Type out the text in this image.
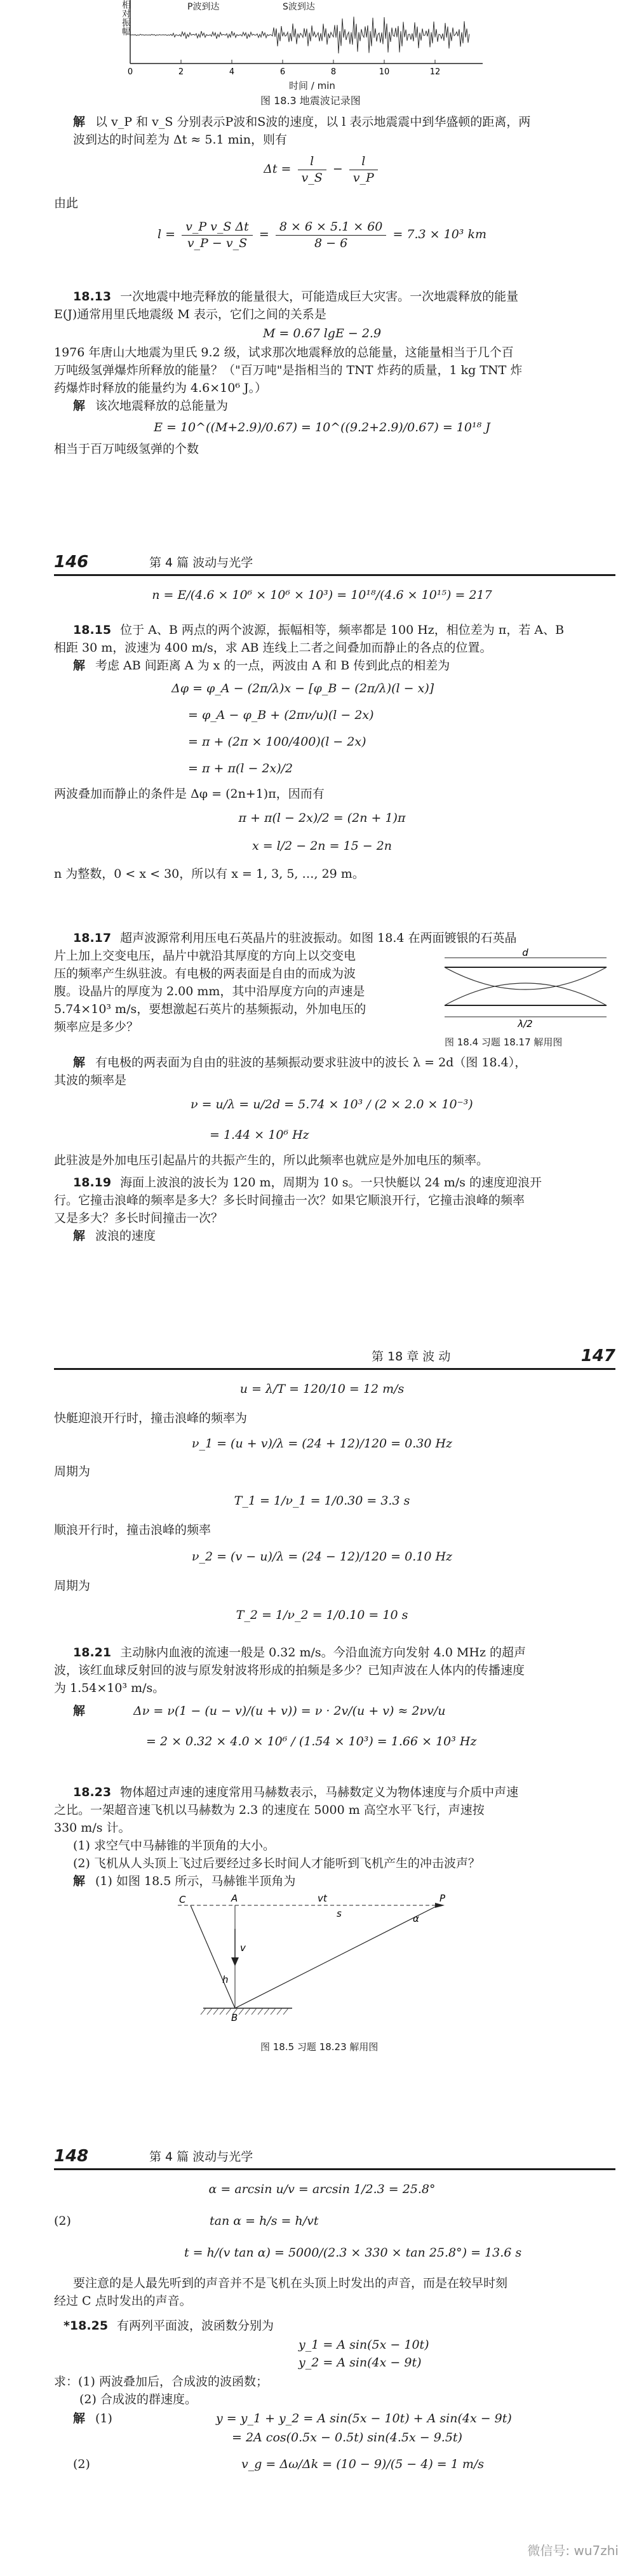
0	2	4	6	8	10	12
相对振幅	P波到达	S波到达
时间 / min
图 18.3 地震波记录图
解 以 v_P 和 v_S 分别表示P波和S波的速度，以 l 表示地震震中到华盛顿的距离，两
波到达的时间差为 Δt ≈ 5.1 min，则有
$\Delta t = \frac{l}{v\_S} - \frac{l}{v\_P}$
由此
$l = \frac{\text{v\_P v\_S Δt}}{v\_P - v\_S} = \frac{8 \times 6 \times 5.1 \times 60}{8 - 6} = 7.3 \times 10^3$ km
18.13 一次地震中地壳释放的能量很大，可能造成巨大灾害。一次地震释放的能量
E(J)通常用里氏地震级 M 表示，它们之间的关系是
M = 0.67 lgE − 2.9
1976 年唐山大地震为里氏 9.2 级，试求那次地震释放的总能量，这能量相当于几个百
万吨级氢弹爆炸所释放的能量？（"百万吨"是指相当的 TNT 炸药的质量，1 kg TNT 炸
药爆炸时释放的能量约为 4.6×10⁶ J。）
解 该次地震释放的总能量为
E = 10^((M+2.9)/0.67) = 10^((9.2+2.9)/0.67) = 10¹⁸ J
相当于百万吨级氢弹的个数
146	第 4 篇 波动与光学
n = E/(4.6 × 10⁶ × 10⁶ × 10³) = 10¹⁸/(4.6 × 10¹⁵) = 217
18.15 位于 A、B 两点的两个波源，振幅相等，频率都是 100 Hz，相位差为 π，若 A、B
相距 30 m，波速为 400 m/s，求 AB 连线上二者之间叠加而静止的各点的位置。
解 考虑 AB 间距离 A 为 x 的一点，两波由 A 和 B 传到此点的相差为
Δφ = φ_A − (2π/λ)x − [φ_B − (2π/λ)(l − x)]
= φ_A − φ_B + (2πν/u)(l − 2x)
= π + (2π × 100/400)(l − 2x)
= π + π(l − 2x)/2
两波叠加而静止的条件是 Δφ = (2n+1)π，因而有
π + π(l − 2x)/2 = (2n + 1)π
x = l/2 − 2n = 15 − 2n
n 为整数，0 < x < 30，所以有 x = 1, 3, 5, …, 29 m。
18.17 超声波源常利用压电石英晶片的驻波振动。如图 18.4 在两面镀银的石英晶
片上加上交变电压，晶片中就沿其厚度的方向上以交变电
压的频率产生纵驻波。有电极的两表面是自由的而成为波
腹。设晶片的厚度为 2.00 mm，其中沿厚度方向的声速是
5.74×10³ m/s，要想激起石英片的基频振动，外加电压的
频率应是多少？
d
λ/2
图 18.4 习题 18.17 解用图
解 有电极的两表面为自由的驻波的基频振动要求驻波中的波长 λ = 2d（图 18.4），
其波的频率是
ν = u/λ = u/2d = 5.74 × 10³ / (2 × 2.0 × 10⁻³)
= 1.44 × 10⁶ Hz
此驻波是外加电压引起晶片的共振产生的，所以此频率也就应是外加电压的频率。
18.19 海面上波浪的波长为 120 m，周期为 10 s。一只快艇以 24 m/s 的速度迎浪开
行。它撞击浪峰的频率是多大？多长时间撞击一次？如果它顺浪开行，它撞击浪峰的频率
又是多大？多长时间撞击一次？
解 波浪的速度
第 18 章 波 动	147
u = λ/T = 120/10 = 12 m/s
快艇迎浪开行时，撞击浪峰的频率为
ν_1 = (u + v)/λ = (24 + 12)/120 = 0.30 Hz
周期为
T_1 = 1/ν_1 = 1/0.30 = 3.3 s
顺浪开行时，撞击浪峰的频率
ν_2 = (v − u)/λ = (24 − 12)/120 = 0.10 Hz
周期为
T_2 = 1/ν_2 = 1/0.10 = 10 s
18.21 主动脉内血液的流速一般是 0.32 m/s。今沿血流方向发射 4.0 MHz 的超声
波，该红血球反射回的波与原发射波将形成的拍频是多少？已知声波在人体内的传播速度
为 1.54×10³ m/s。
解	Δν = ν(1 − (u − v)/(u + v)) = ν · 2v/(u + v) ≈ 2νv/u
= 2 × 0.32 × 4.0 × 10⁶ / (1.54 × 10³) = 1.66 × 10³ Hz
18.23 物体超过声速的速度常用马赫数表示，马赫数定义为物体速度与介质中声速
之比。一架超音速飞机以马赫数为 2.3 的速度在 5000 m 高空水平飞行，声速按
330 m/s 计。
(1) 求空气中马赫锥的半顶角的大小。
(2) 飞机从人头顶上飞过后要经过多长时间人才能听到飞机产生的冲击波声？
解 (1) 如图 18.5 所示，马赫锥半顶角为
C	A
B
P
h
s
v
vt
α
图 18.5 习题 18.23 解用图
148	第 4 篇 波动与光学
α = arcsin u/v = arcsin 1/2.3 = 25.8°
(2)	tan α = h/s = h/vt
t = h/(v tan α) = 5000/(2.3 × 330 × tan 25.8°) = 13.6 s
要注意的是人最先听到的声音并不是飞机在头顶上时发出的声音，而是在较早时刻
经过 C 点时发出的声音。
*18.25 有两列平面波，波函数分别为
y_1 = A sin(5x − 10t)
y_2 = A sin(4x − 9t)
求：(1) 两波叠加后，合成波的波函数；
(2) 合成波的群速度。
解 (1)	y = y_1 + y_2 = A sin(5x − 10t) + A sin(4x − 9t)
= 2A cos(0.5x − 0.5t) sin(4.5x − 9.5t)
(2)	v_g = Δω/Δk = (10 − 9)/(5 − 4) = 1 m/s
微信号: wu7zhi
